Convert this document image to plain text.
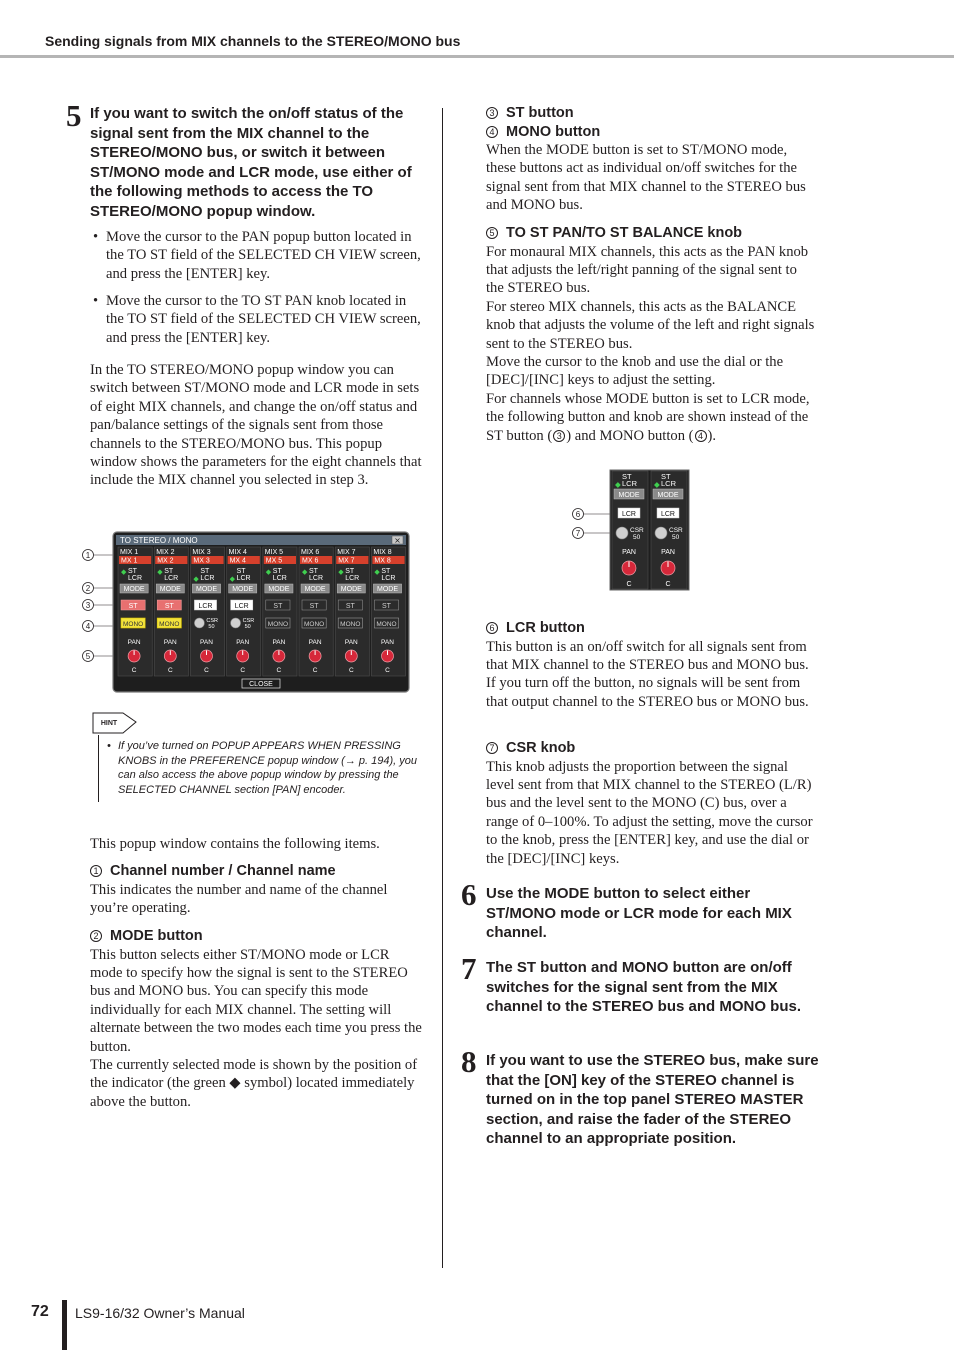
Sending signals from MIX channels to the STEREO/MONO bus
5 If you want to switch the on/off status of the signal sent from the MIX channel to the STEREO/MONO bus, or switch it between ST/MONO mode and LCR mode, use either of the following methods to access the TO STEREO/MONO popup window.
• Move the cursor to the PAN popup button located in the TO ST field of the SELECTED CH VIEW screen, and press the [ENTER] key.
• Move the cursor to the TO ST PAN knob located in the TO ST field of the SELECTED CH VIEW screen, and press the [ENTER] key.

In the TO STEREO/MONO popup window you can switch between ST/MONO mode and LCR mode in sets of eight MIX channels, and change the on/off status and pan/balance settings of the signals sent from those channels to the STEREO/MONO bus. This popup window shows the parameters for the eight channels that include the MIX channel you selected in step 3.

1
2
3
4
5
TO STEREO / MONO	×
MIX 1
MX 1
◆ ST
◆ LCR
MODE
ST
MONO
PAN
C
MIX 2
MX 2
◆ ST
◆ LCR
MODE
ST
MONO
PAN
C
MIX 3
MX 3
◆ ST
◆ LCR
MODE
LCR
CSR
50
PAN
C
MIX 4
MX 4
◆ ST
◆ LCR
MODE
LCR
CSR
50
PAN
C
MIX 5
MX 5
◆ ST
◆ LCR
MODE
ST
MONO
PAN
C
MIX 6
MX 6
◆ ST
◆ LCR
MODE
ST
MONO
PAN
C
MIX 7
MX 7
◆ ST
◆ LCR
MODE
ST
MONO
PAN
C
MIX 8
MX 8
◆ ST
◆ LCR
MODE
ST
MONO
PAN
C
CLOSE
HINT
• If you’ve turned on POPUP APPEARS WHEN PRESSING KNOBS in the PREFERENCE popup window (→ p. 194), you can also access the above popup window by pressing the SELECTED CHANNEL section [PAN] encoder.

This popup window contains the following items.

1 Channel number / Channel name

This indicates the number and name of the channel you’re operating.

2 MODE button

This button selects either ST/MONO mode or LCR mode to specify how the signal is sent to the STEREO bus and MONO bus. You can specify this mode individually for each MIX channel. The setting will alternate between the two modes each time you press the button.

The currently selected mode is shown by the position of the indicator (the green ◆ symbol) located immediately above the button.

3 ST button
4 MONO button

When the MODE button is set to ST/MONO mode, these buttons act as individual on/off switches for the signal sent from that MIX channel to the STEREO bus and MONO bus.

5 TO ST PAN/TO ST BALANCE knob

For monaural MIX channels, this acts as the PAN knob that adjusts the left/right panning of the signal sent to the STEREO bus.

For stereo MIX channels, this acts as the BALANCE knob that adjusts the volume of the left and right signals sent to the STEREO bus.

Move the cursor to the knob and use the dial or the [DEC]/[INC] keys to adjust the setting.

For channels whose MODE button is set to LCR mode, the following button and knob are shown instead of the ST button ( 3 ) and MONO button ( 4 ).

6
7
ST
◆ LCR
MODE
LCR
CSR
50
PAN
C
ST
◆ LCR
MODE
LCR
CSR
50
PAN
C
6 LCR button

This button is an on/off switch for all signals sent from that MIX channel to the STEREO bus and MONO bus. If you turn off the button, no signals will be sent from that output channel to the STEREO bus or MONO bus.

7 CSR knob

This knob adjusts the proportion between the signal level sent from that MIX channel to the STEREO (L/R) bus and the level sent to the MONO (C) bus, over a range of 0–100%. To adjust the setting, move the cursor to the knob, press the [ENTER] key, and use the dial or the [DEC]/[INC] keys.

6 Use the MODE button to select either ST/MONO mode or LCR mode for each MIX channel.
7 The ST button and MONO button are on/off switches for the signal sent from the MIX channel to the STEREO bus and MONO bus.
8 If you want to use the STEREO bus, make sure that the [ON] key of the STEREO channel is turned on in the top panel STEREO MASTER section, and raise the fader of the STEREO channel to an appropriate position.
72 LS9-16/32 Owner’s Manual
